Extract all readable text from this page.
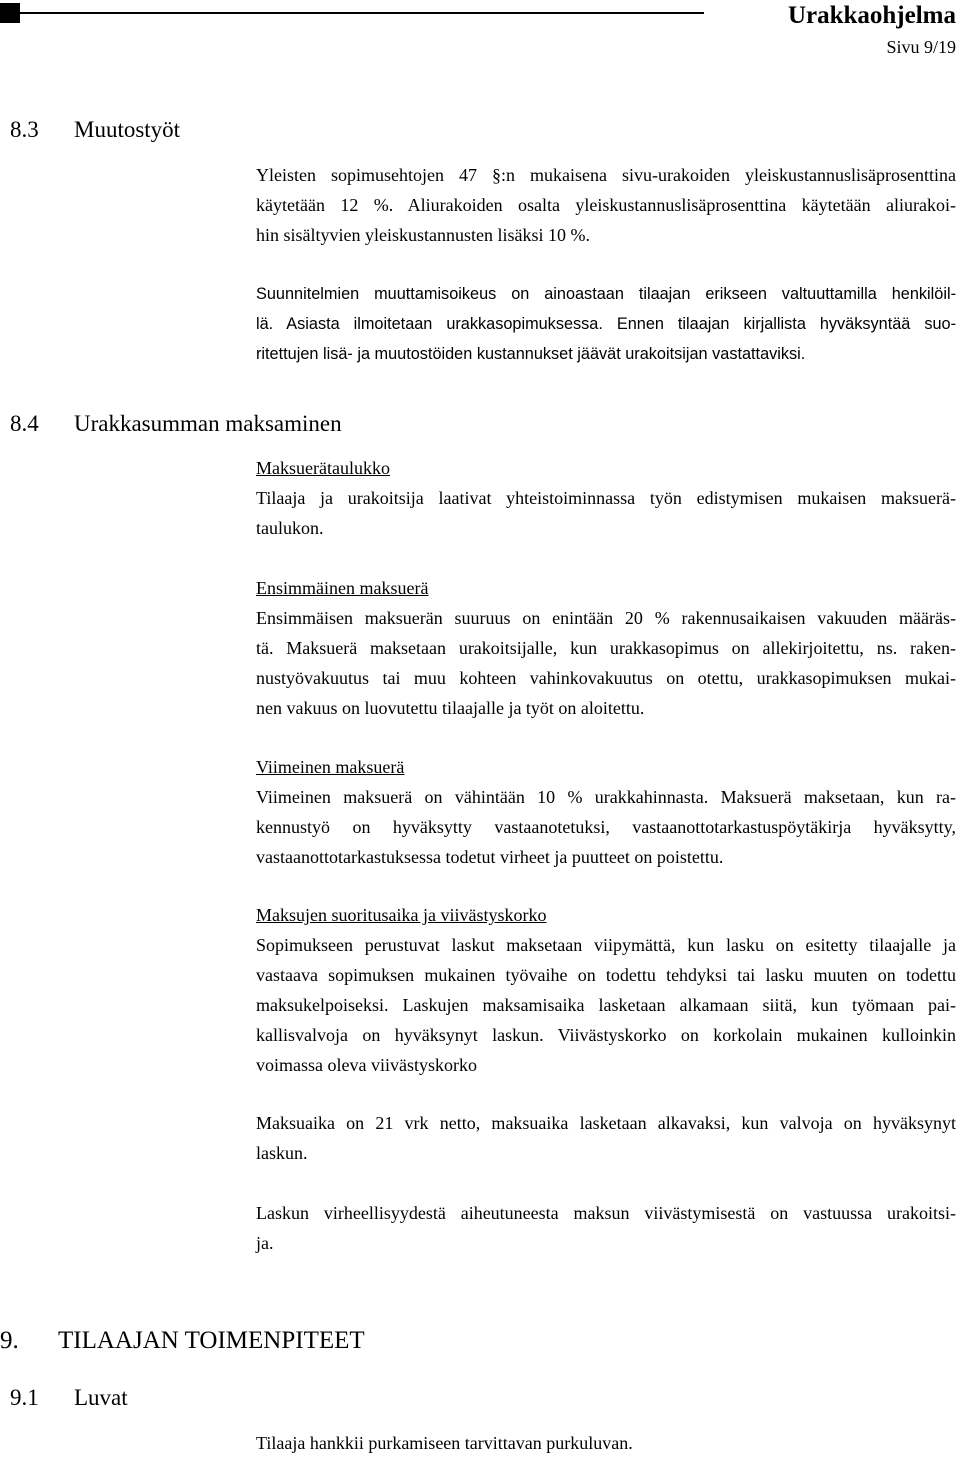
Urakkaohjelma
Sivu 9/19
8.3 Muutostyöt
Yleisten sopimusehtojen 47 §:n mukaisena sivu-urakoiden yleiskustannuslisäprosenttina
käytetään 12 %. Aliurakoiden osalta yleiskustannuslisäprosenttina käytetään aliurakoi-
hin sisältyvien yleiskustannusten lisäksi 10 %.
Suunnitelmien muuttamisoikeus on ainoastaan tilaajan erikseen valtuuttamilla henkilöil-
lä. Asiasta ilmoitetaan urakkasopimuksessa. Ennen tilaajan kirjallista hyväksyntää suo-
ritettujen lisä- ja muutostöiden kustannukset jäävät urakoitsijan vastattaviksi.
8.4 Urakkasumman maksaminen
Maksuerätaulukko
Tilaaja ja urakoitsija laativat yhteistoiminnassa työn edistymisen mukaisen maksuerä-
taulukon.
Ensimmäinen maksuerä
Ensimmäisen maksuerän suuruus on enintään 20 % rakennusaikaisen vakuuden määräs-
tä. Maksuerä maksetaan urakoitsijalle, kun urakkasopimus on allekirjoitettu, ns. raken-
nustyövakuutus tai muu kohteen vahinkovakuutus on otettu, urakkasopimuksen mukai-
nen vakuus on luovutettu tilaajalle ja työt on aloitettu.
Viimeinen maksuerä
Viimeinen maksuerä on vähintään 10 % urakkahinnasta. Maksuerä maksetaan, kun ra-
kennustyö on hyväksytty vastaanotetuksi, vastaanottotarkastuspöytäkirja hyväksytty,
vastaanottotarkastuksessa todetut virheet ja puutteet on poistettu.
Maksujen suoritusaika ja viivästyskorko
Sopimukseen perustuvat laskut maksetaan viipymättä, kun lasku on esitetty tilaajalle ja
vastaava sopimuksen mukainen työvaihe on todettu tehdyksi tai lasku muuten on todettu
maksukelpoiseksi. Laskujen maksamisaika lasketaan alkamaan siitä, kun työmaan pai-
kallisvalvoja on hyväksynyt laskun. Viivästyskorko on korkolain mukainen kulloinkin
voimassa oleva viivästyskorko
Maksuaika on 21 vrk netto, maksuaika lasketaan alkavaksi, kun valvoja on hyväksynyt
laskun.
Laskun virheellisyydestä aiheutuneesta maksun viivästymisestä on vastuussa urakoitsi-
ja.
9. TILAAJAN TOIMENPITEET
9.1 Luvat
Tilaaja hankkii purkamiseen tarvittavan purkuluvan.
